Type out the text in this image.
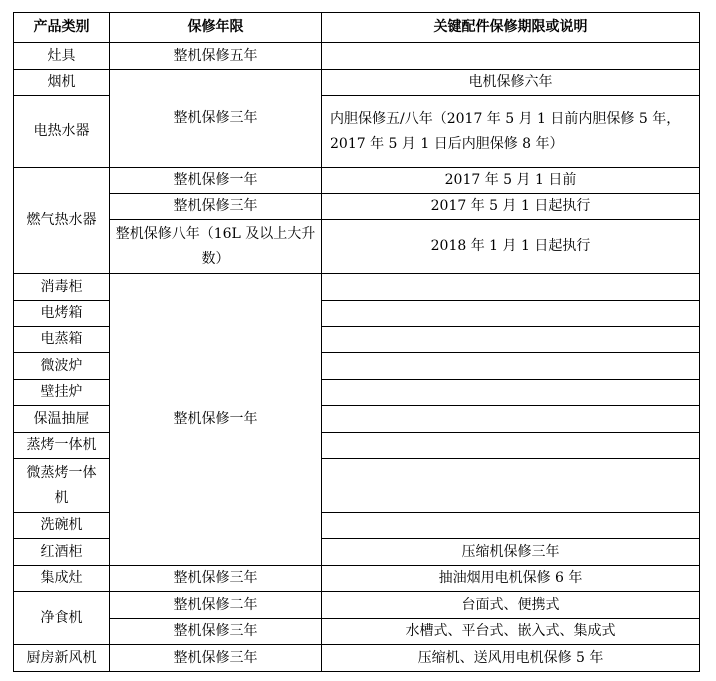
产品类别	保修年限	关键配件保修期限或说明
灶具	整机保修五年	
烟机	整机保修三年	电机保修六年
电热水器		内胆保修五/八年（2017 年 5 月 1 日前内胆保修 5 年，
2017 年 5 月 1 日后内胆保修 8 年）

燃气热水器	整机保修一年	2017 年 5 月 1 日前
	整机保修三年	2017 年 5 月 1 日起执行

	整机保修八年（16L 及以上大升
数）	2018 年 1 月 1 日起执行
消毒柜	整机保修一年	
电烤箱		
电蒸箱		
微波炉		
壁挂炉		
保温抽屉		
蒸烤一体机		

微蒸烤一体
机		

洗碗机		
红酒柜		压缩机保修三年
集成灶	整机保修三年	抽油烟用电机保修 6 年
净食机	整机保修二年	台面式、便携式
	整机保修三年	水槽式、平台式、嵌入式、集成式
厨房新风机	整机保修三年	压缩机、送风用电机保修 5 年
